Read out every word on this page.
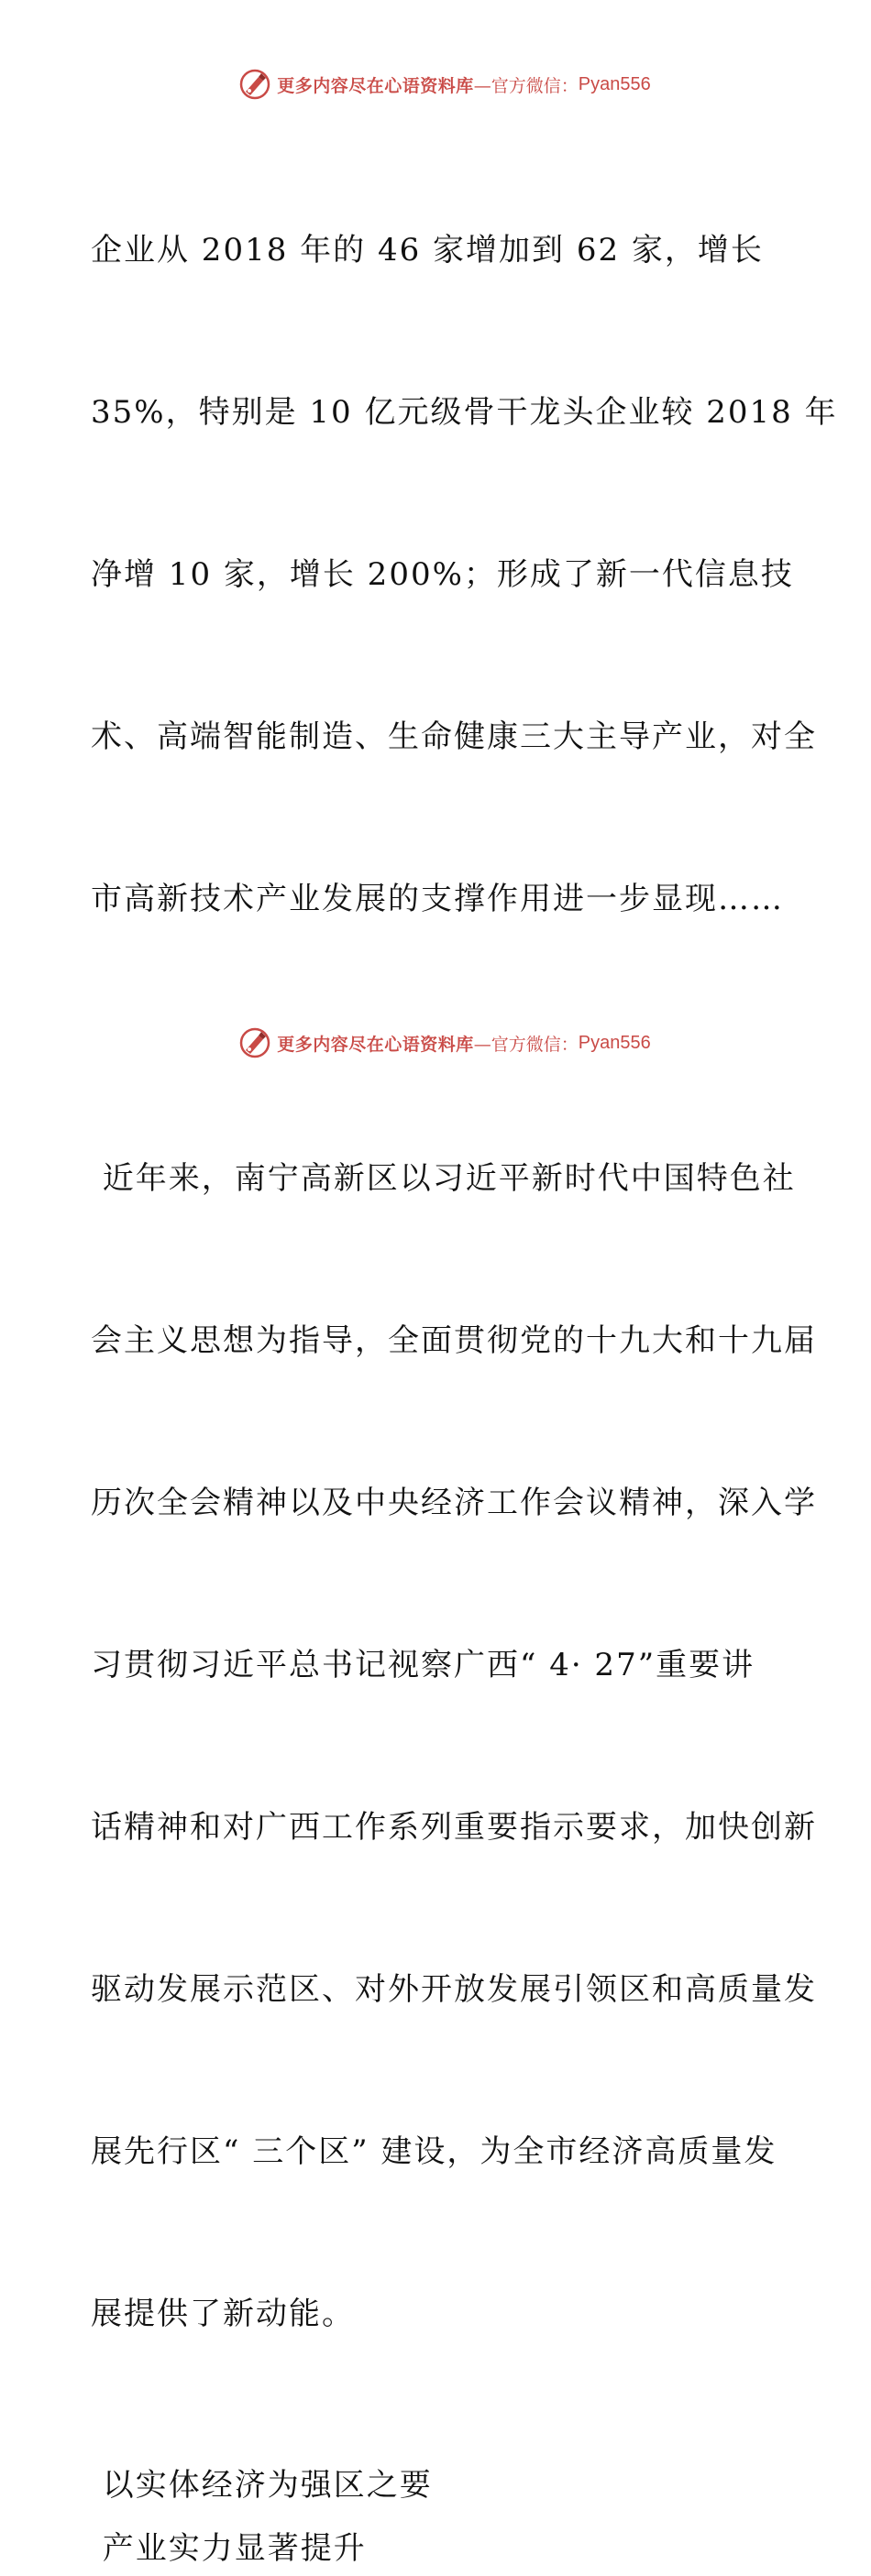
更多内容尽在心语资料库 —官方微信： Pyan556

企业从 2018 年的 46 家增加到 62 家，增长

35%，特别是 10 亿元级骨干龙头企业较 2018 年

净增 10 家，增长 200%；形成了新一代信息技

术、高端智能制造、生命健康三大主导产业，对全

市高新技术产业发展的支撑作用进一步显现……

近年来，南宁高新区以习近平新时代中国特色社

会主义思想为指导，全面贯彻党的十九大和十九届

历次全会精神以及中央经济工作会议精神，深入学

习贯彻习近平总书记视察广西“ 4· 27”重要讲

话精神和对广西工作系列重要指示要求，加快创新

驱动发展示范区、对外开放发展引领区和高质量发

展先行区“ 三个区” 建设，为全市经济高质量发

展提供了新动能。

以实体经济为强区之要

产业实力显著提升

更多内容尽在心语资料库 —官方微信： Pyan556
